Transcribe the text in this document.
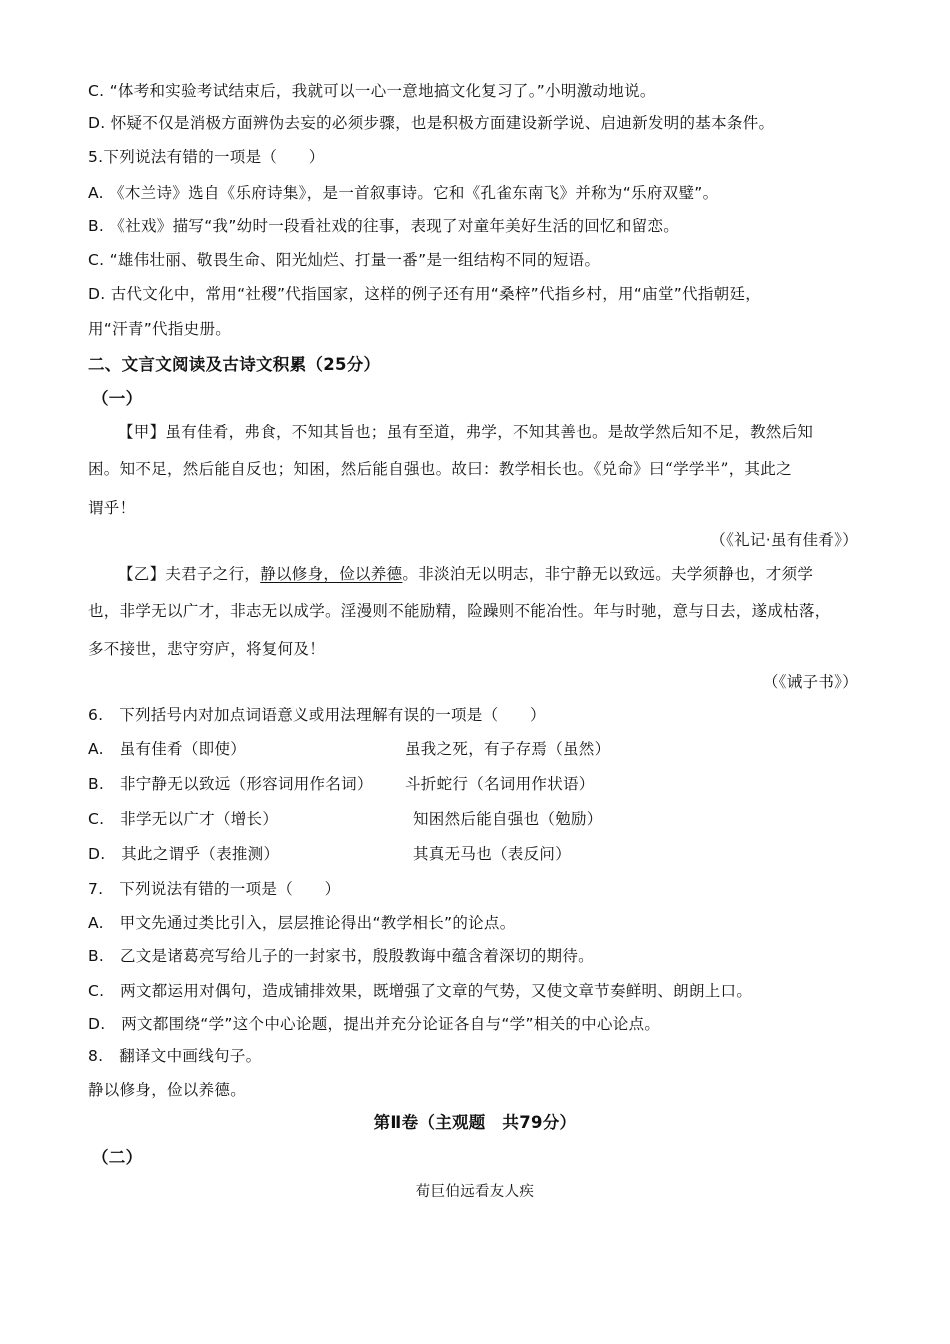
C. “体考和实验考试结束后，我就可以一心一意地搞文化复习了。”小明激动地说。
D. 怀疑不仅是消极方面辨伪去妄的必须步骤，也是积极方面建设新学说、启迪新发明的基本条件。
5.下列说法有错的一项是（　　）
A. 《木兰诗》选自《乐府诗集》，是一首叙事诗。它和《孔雀东南飞》并称为“乐府双璧”。
B. 《社戏》描写“我”幼时一段看社戏的往事，表现了对童年美好生活的回忆和留恋。
C. “雄伟壮丽、敬畏生命、阳光灿烂、打量一番”是一组结构不同的短语。
D. 古代文化中，常用“社稷”代指国家，这样的例子还有用“桑梓”代指乡村，用“庙堂”代指朝廷，
用“汗青”代指史册。
二、文言文阅读及古诗文积累（25分）
（一）
【甲】虽有佳肴，弗食，不知其旨也；虽有至道，弗学，不知其善也。是故学然后知不足，教然后知
困。知不足，然后能自反也；知困，然后能自强也。故曰：教学相长也。《兑命》曰“学学半”，其此之
谓乎！
（《礼记·虽有佳肴》）
【乙】夫君子之行，静以修身，俭以养德。非淡泊无以明志，非宁静无以致远。夫学须静也，才须学
也，非学无以广才，非志无以成学。淫漫则不能励精，险躁则不能冶性。年与时驰，意与日去，遂成枯落，
多不接世，悲守穷庐，将复何及！
（《诫子书》）
6.　下列括号内对加点词语意义或用法理解有误的一项是（　　）
A.　虽有佳肴（即使）	虽我之死，有子存焉（虽然）
B.　非宁静无以致远（形容词用作名词） 斗折蛇行（名词用作状语）
C.　非学无以广才（增长）	知困然后能自强也（勉励）
D.　其此之谓乎（表推测）	其真无马也（表反问）
7.　下列说法有错的一项是（　　）
A.　甲文先通过类比引入，层层推论得出“教学相长”的论点。
B.　乙文是诸葛亮写给儿子的一封家书，殷殷教诲中蕴含着深切的期待。
C.　两文都运用对偶句，造成铺排效果，既增强了文章的气势，又使文章节奏鲜明、朗朗上口。
D.　两文都围绕“学”这个中心论题，提出并充分论证各自与“学”相关的中心论点。
8.　翻译文中画线句子。
静以修身，俭以养德。
第Ⅱ卷（主观题　共79分）
（二）
荀巨伯远看友人疾
